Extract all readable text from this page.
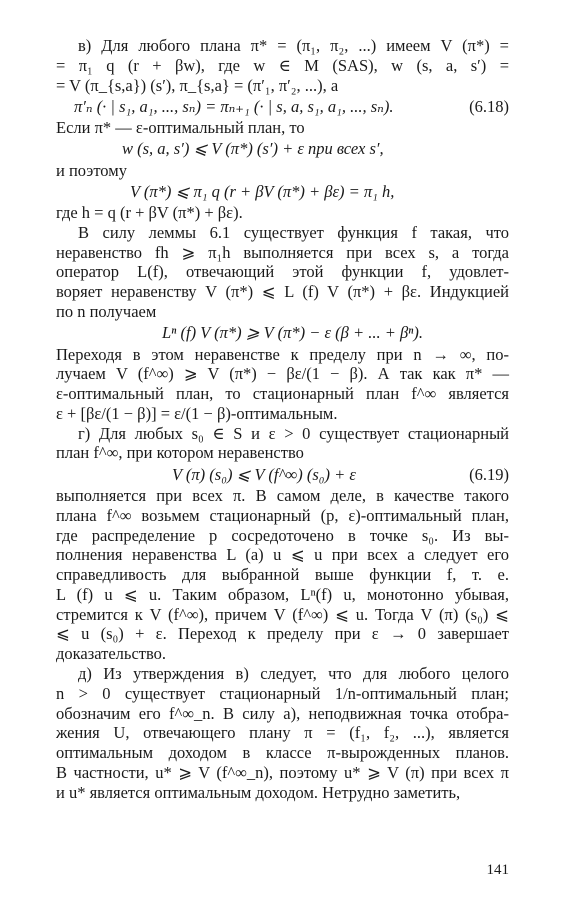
в) Для любого плана π* = (π₁, π₂, ...) имеем V (π*) =
= π₁ q (r + βw), где w ∈ M (SAS), w (s, a, s′) =
= V (π_{s,a}) (s′), π_{s,a} = (π′₁, π′₂, ...), а
π′ₙ (· | s₁, a₁, ..., sₙ) = πₙ₊₁ (· | s, a, s₁, a₁, ..., sₙ).	(6.18)
Если π* — ε-оптимальный план, то
w (s, a, s′) ⩽ V (π*) (s′) + ε при всех s′,
и поэтому
V (π*) ⩽ π₁ q (r + βV (π*) + βε) = π₁ h,
где h = q (r + βV (π*) + βε).
В силу леммы 6.1 существует функция f такая, что
неравенство fh ⩾ π₁h выполняется при всех s, а тогда
оператор L(f), отвечающий этой функции f, удовлет-
воряет неравенству V (π*) ⩽ L (f) V (π*) + βε. Индукцией
по n получаем
Lⁿ (f) V (π*) ⩾ V (π*) − ε (β + ... + βⁿ).
Переходя в этом неравенстве к пределу при n → ∞, по-
лучаем V (f^∞) ⩾ V (π*) − βε/(1 − β). А так как π* —
ε-оптимальный план, то стационарный план f^∞ является
ε + [βε/(1 − β)] = ε/(1 − β)-оптимальным.
г) Для любых s₀ ∈ S и ε > 0 существует стационарный
план f^∞, при котором неравенство
V (π) (s₀) ⩽ V (f^∞) (s₀) + ε	(6.19)
выполняется при всех π. В самом деле, в качестве такого
плана f^∞ возьмем стационарный (p, ε)-оптимальный план,
где распределение p сосредоточено в точке s₀. Из вы-
полнения неравенства L (a) u ⩽ u при всех a следует его
справедливость для выбранной выше функции f, т. е.
L (f) u ⩽ u. Таким образом, Lⁿ(f) u, монотонно убывая,
стремится к V (f^∞), причем V (f^∞) ⩽ u. Тогда V (π) (s₀) ⩽
⩽ u (s₀) + ε. Переход к пределу при ε → 0 завершает
доказательство.
д) Из утверждения в) следует, что для любого целого
n > 0 существует стационарный 1/n-оптимальный план;
обозначим его f^∞_n. В силу а), неподвижная точка отобра-
жения U, отвечающего плану π = (f₁, f₂, ...), является
оптимальным доходом в классе π-вырожденных планов.
В частности, u* ⩾ V (f^∞_n), поэтому u* ⩾ V (π) при всех π
и u* является оптимальным доходом. Нетрудно заметить,
141
